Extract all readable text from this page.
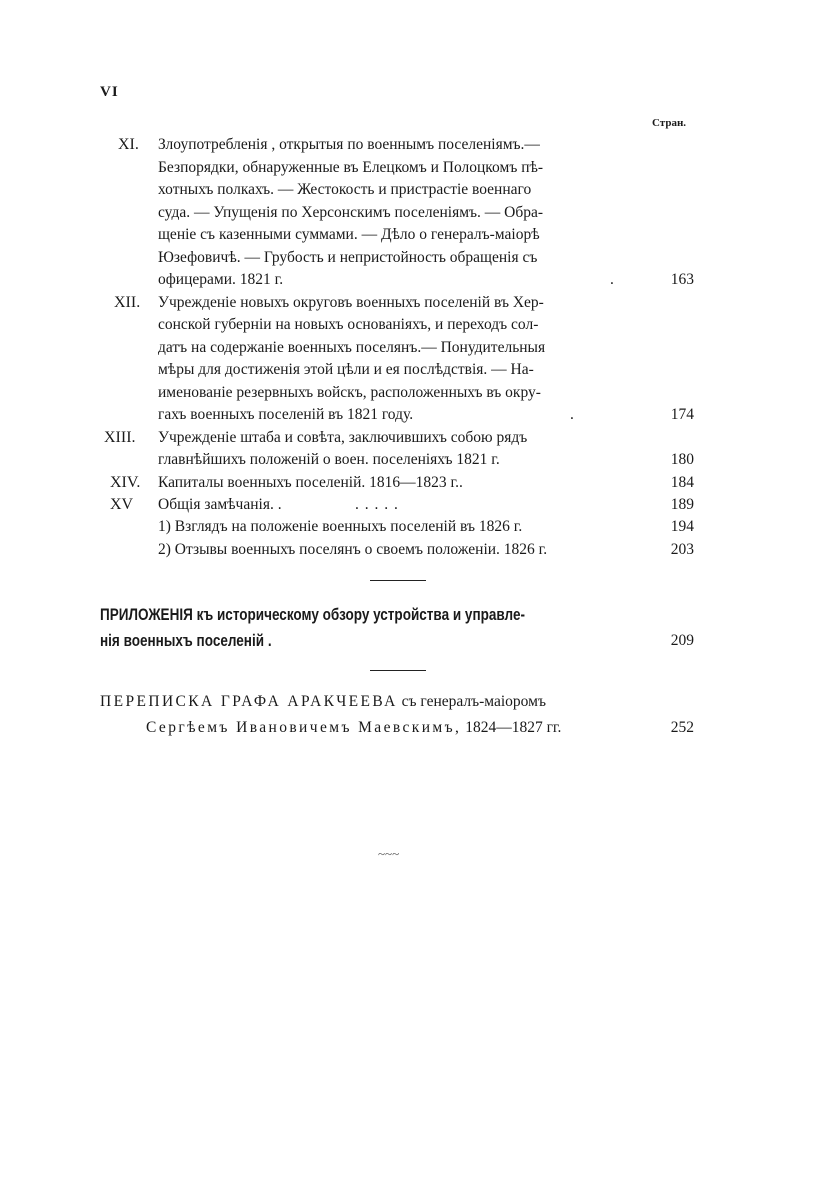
VI
Стран.
XI. Злоупотребленія , открытыя по военнымъ поселеніямъ.—
Безпорядки, обнаруженные въ Елецкомъ и Полоцкомъ пѣ-
хотныхъ полкахъ. — Жестокость и пристрастіе военнаго
суда. — Упущенія по Херсонскимъ поселеніямъ. — Обра-
щеніе съ казенными суммами. — Дѣло о генералъ-маіорѣ
Юзефовичѣ. — Грубость и непристойность обращенія съ
офицерами. 1821 г.	.	163
XII. Учрежденіе новыхъ округовъ военныхъ поселеній въ Хер-
сонской губерніи на новыхъ основаніяхъ, и переходъ сол-
датъ на содержаніе военныхъ поселянъ.— Понудительныя
мѣры для достиженія этой цѣли и ея послѣдствія. — На-
именованіе резервныхъ войскъ, расположенныхъ въ окру-
гахъ военныхъ поселеній въ 1821 году.	.	174
XIII. Учрежденіе штаба и совѣта, заключившихъ собою рядъ
главнѣйшихъ положеній о воен. поселеніяхъ 1821 г.	180
XIV. Капиталы военныхъ поселеній. 1816—1823 г..	184
XV Общія замѣчанія. .	. . . . .	189
1) Взглядъ на положеніе военныхъ поселеній въ 1826 г.	194
2) Отзывы военныхъ поселянъ о своемъ положеніи. 1826 г.	203
ПРИЛОЖЕНІЯ къ историческому обзору устройства и управле-
нія военныхъ поселеній .	209
ПЕРЕПИСКА ГРАФА АРАКЧЕЕВА съ генералъ-маіоромъ
Сергѣемъ Ивановичемъ Маевскимъ, 1824—1827 гг.	252
~~~
